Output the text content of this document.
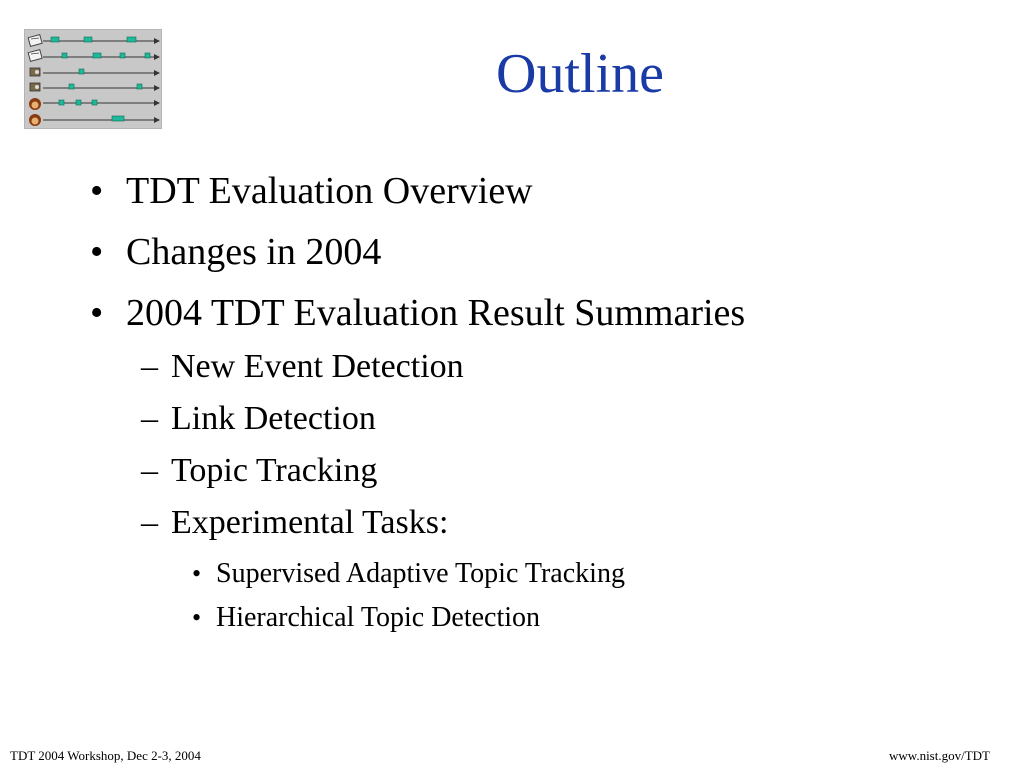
Outline
• TDT Evaluation Overview
• Changes in 2004
• 2004 TDT Evaluation Result Summaries
– New Event Detection
– Link Detection
– Topic Tracking
– Experimental Tasks:
• Supervised Adaptive Topic Tracking
• Hierarchical Topic Detection
TDT 2004 Workshop, Dec 2-3, 2004	www.nist.gov/TDT
